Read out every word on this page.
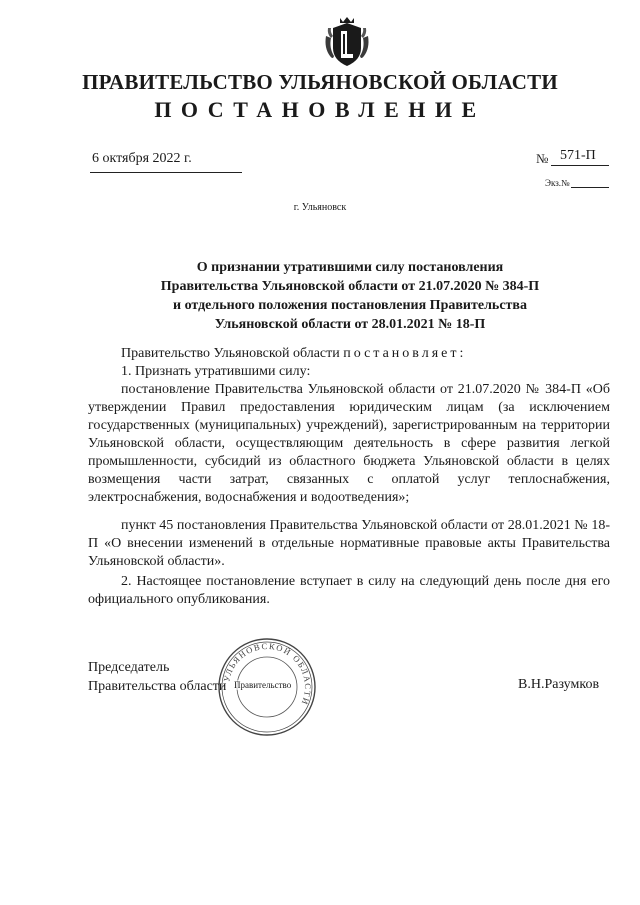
ПРАВИТЕЛЬСТВО УЛЬЯНОВСКОЙ ОБЛАСТИ
ПОСТАНОВЛЕНИЕ
6 октября 2022 г.	№ 571-П
Экз.№
г. Ульяновск
О признании утратившими силу постановления
Правительства Ульяновской области от 21.07.2020 № 384-П
и отдельного положения постановления Правительства
Ульяновской области от 28.01.2021 № 18-П
Правительство Ульяновской области постановляет:
1. Признать утратившими силу:
постановление Правительства Ульяновской области от 21.07.2020 № 384-П «Об утверждении Правил предоставления юридическим лицам (за исключением государственных (муниципальных) учреждений), зарегистрированным на территории Ульяновской области, осуществляющим деятельность в сфере развития легкой промышленности, субсидий из областного бюджета Ульяновской области в целях возмещения части затрат, связанных с оплатой услуг теплоснабжения, электроснабжения, водоснабжения и водоотведения»;
пункт 45 постановления Правительства Ульяновской области от 28.01.2021 № 18-П «О внесении изменений в отдельные нормативные правовые акты Правительства Ульяновской области».
2. Настоящее постановление вступает в силу на следующий день после дня его официального опубликования.
Председатель
Правительства области
УЛЬЯНОВСКОЙ ОБЛАСТИ
Правительство	В.Н.Разумков
